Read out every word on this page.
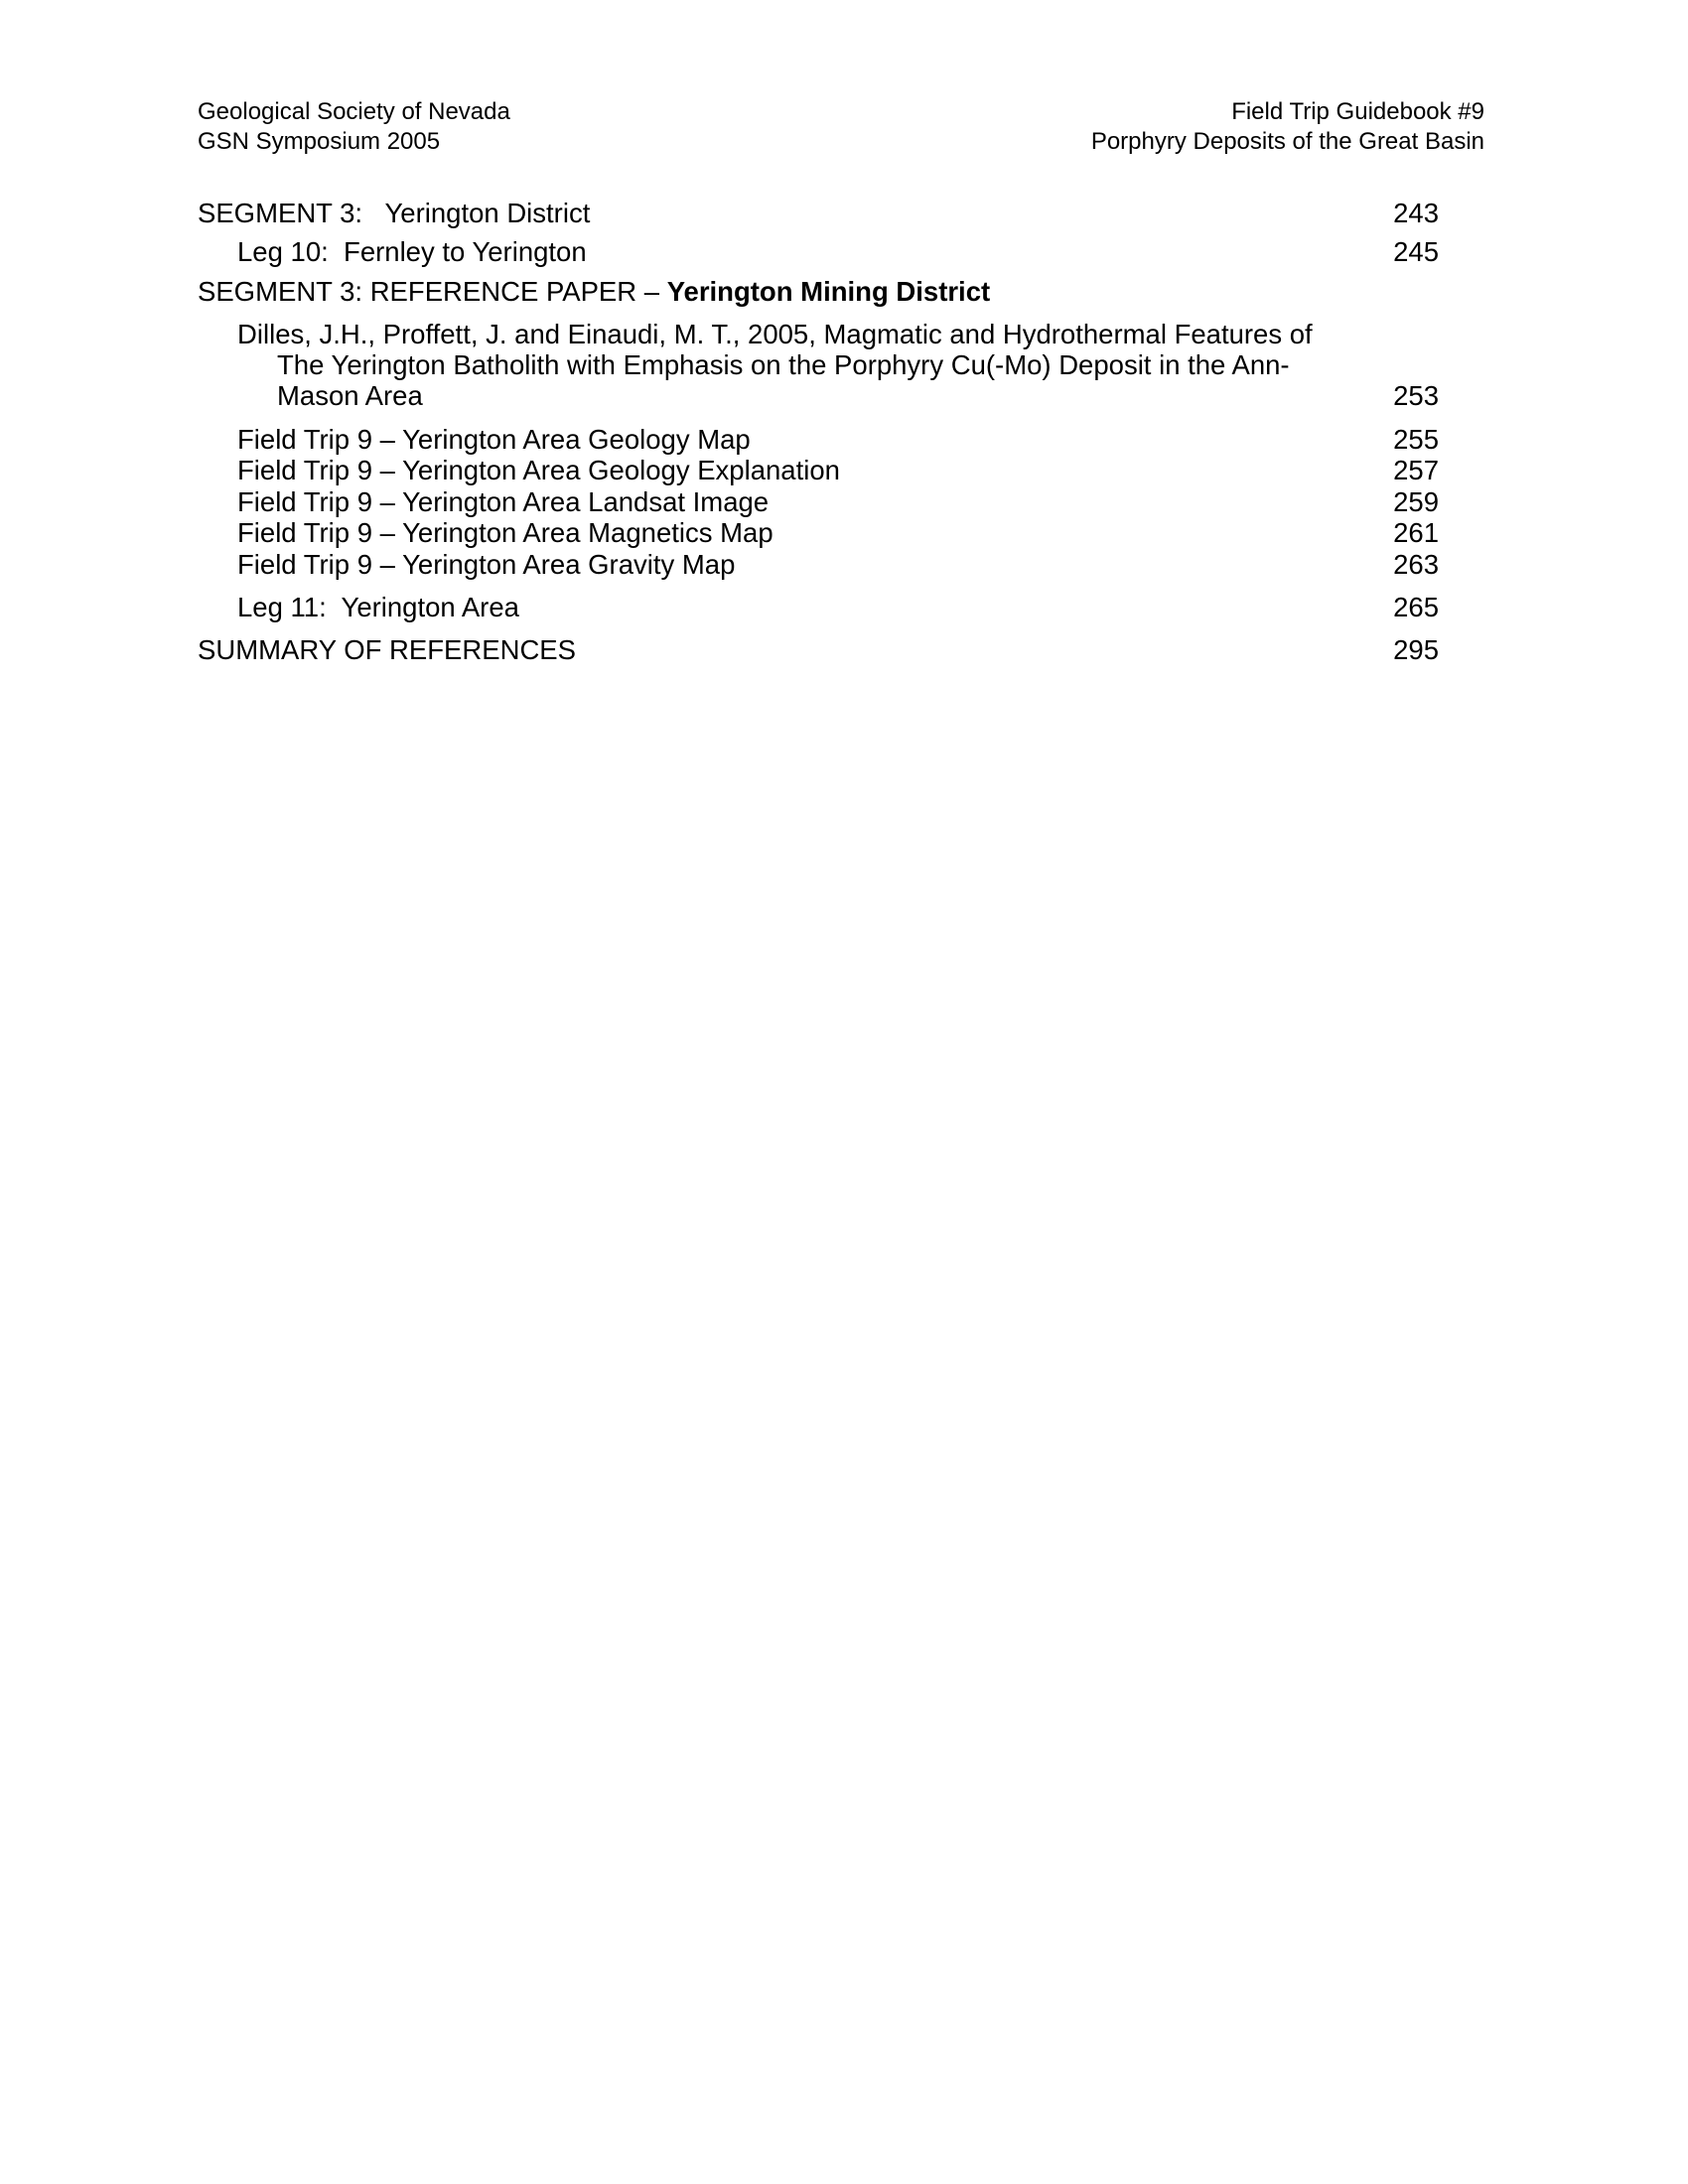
Geological Society of Nevada
GSN Symposium 2005
Field Trip Guidebook #9
Porphyry Deposits of the Great Basin
SEGMENT 3:   Yerington District	243
Leg 10:  Fernley to Yerington	245
SEGMENT 3: REFERENCE PAPER – Yerington Mining District
Dilles, J.H., Proffett, J. and Einaudi, M. T., 2005, Magmatic and Hydrothermal Features of
The Yerington Batholith with Emphasis on the Porphyry Cu(-Mo) Deposit in the Ann-
Mason Area	253
Field Trip 9 – Yerington Area Geology Map	255
Field Trip 9 – Yerington Area Geology Explanation	257
Field Trip 9 – Yerington Area Landsat Image	259
Field Trip 9 – Yerington Area Magnetics Map	261
Field Trip 9 – Yerington Area Gravity Map	263
Leg 11:  Yerington Area	265
SUMMARY OF REFERENCES	295
